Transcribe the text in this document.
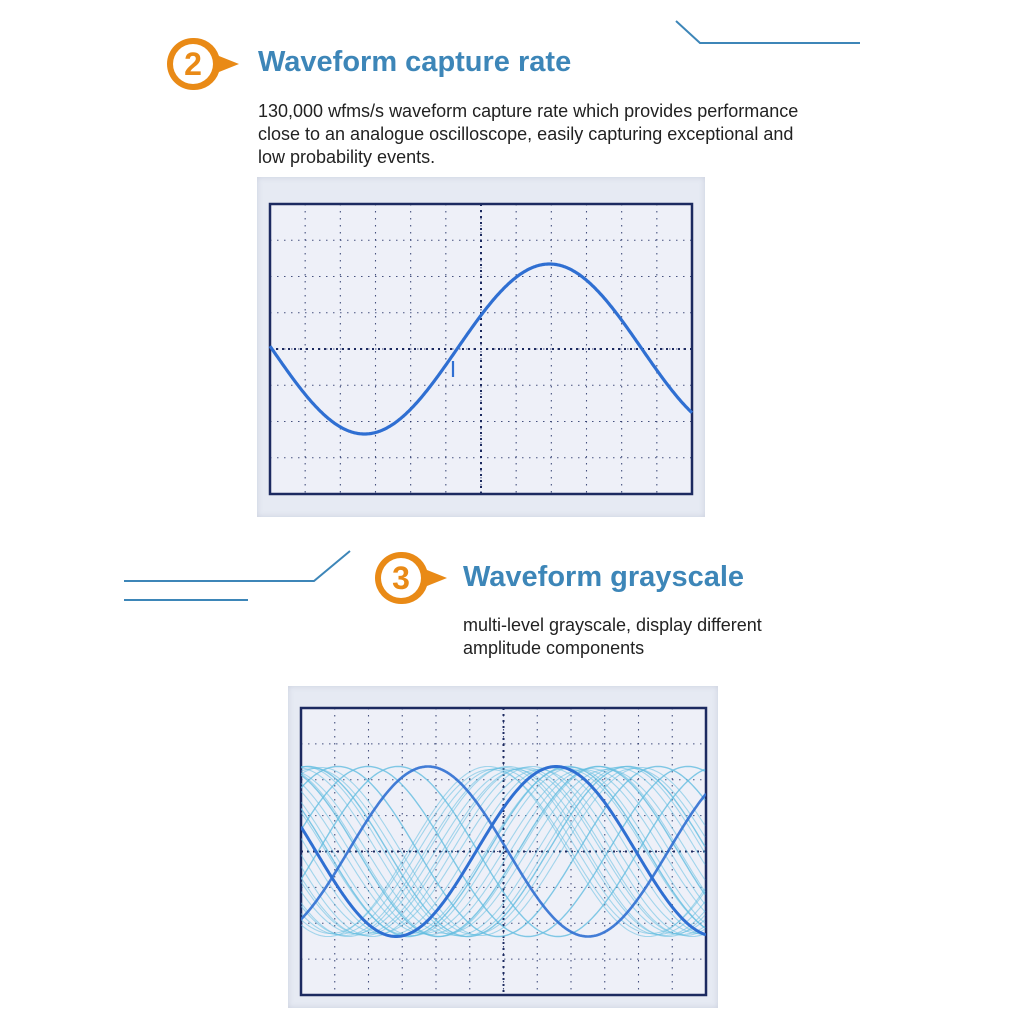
2	Waveform capture rate
130,000 wfms/s waveform capture rate which provides performance
close to an analogue oscilloscope, easily capturing exceptional and
low probability events.
3	Waveform grayscale
multi-level grayscale, display different
amplitude components
